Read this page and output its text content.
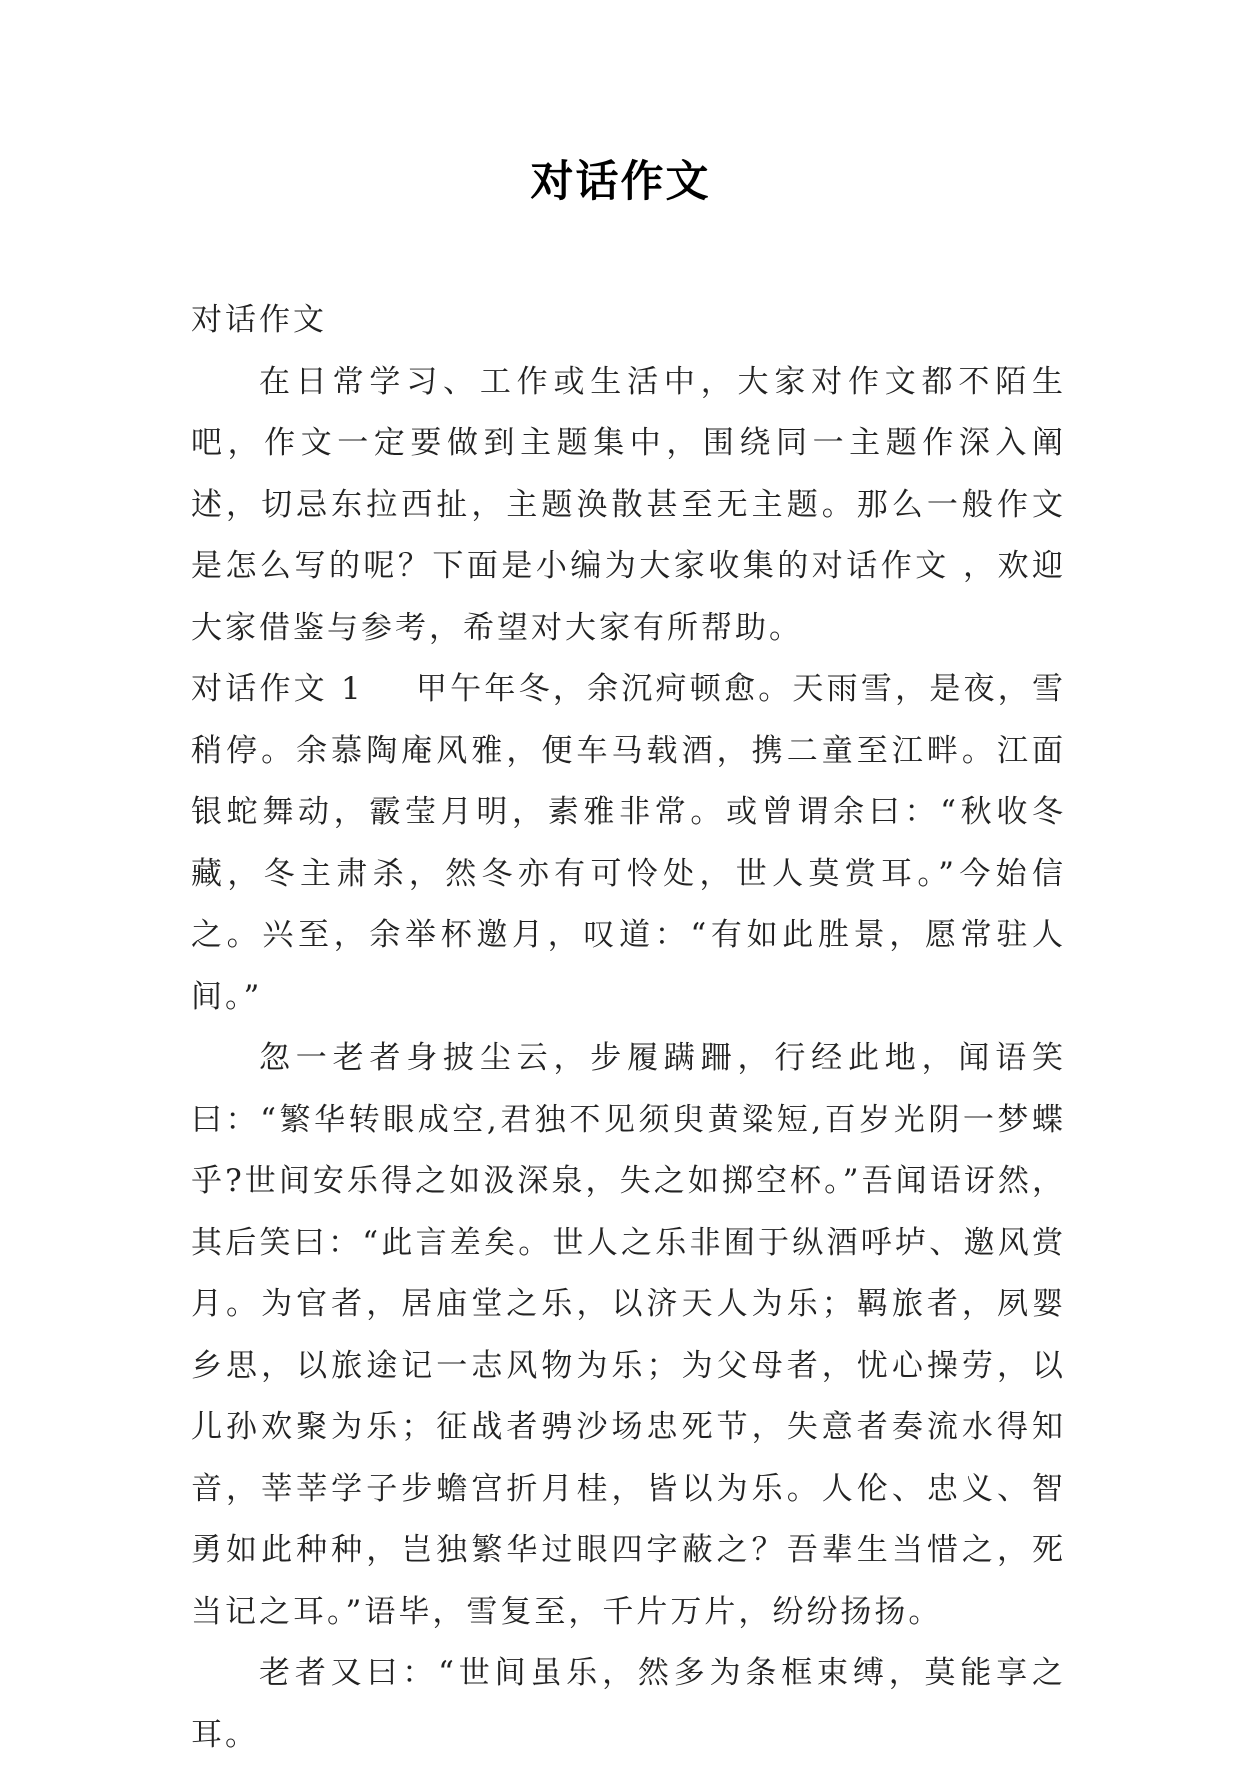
对话作文

对话作文

在日常学习、工作或生活中，大家对作文都不陌生吧，作文一定要做到主题集中，围绕同一主题作深入阐述，切忌东拉西扯，主题涣散甚至无主题。那么一般作文是怎么写的呢？下面是小编为大家收集的对话作文 ，欢迎大家借鉴与参考，希望对大家有所帮助。

对话作文 1 甲午年冬，余沉疴顿愈。天雨雪，是夜，雪稍停。余慕陶庵风雅，便车马载酒，携二童至江畔。江面银蛇舞动，霰莹月明，素雅非常。或曾谓余曰：“秋收冬藏，冬主肃杀，然冬亦有可怜处，世人莫赏耳。”今始信之。兴至，余举杯邀月，叹道：“有如此胜景，愿常驻人间。”

忽一老者身披尘云，步履蹒跚，行经此地，闻语笑曰：“繁华转眼成空,君独不见须臾黄粱短,百岁光阴一梦蝶乎?世间安乐得之如汲深泉，失之如掷空杯。”吾闻语讶然，其后笑曰：“此言差矣。世人之乐非囿于纵酒呼垆、邀风赏月。为官者，居庙堂之乐，以济天人为乐；羁旅者，夙婴乡思，以旅途记一志风物为乐；为父母者，忧心操劳，以儿孙欢聚为乐；征战者骋沙场忠死节，失意者奏流水得知音，莘莘学子步蟾宫折月桂，皆以为乐。人伦、忠义、智勇如此种种，岂独繁华过眼四字蔽之？吾辈生当惜之，死当记之耳。”语毕，雪复至，千片万片，纷纷扬扬。

老者又曰：“世间虽乐，然多为条框束缚，莫能享之耳。
